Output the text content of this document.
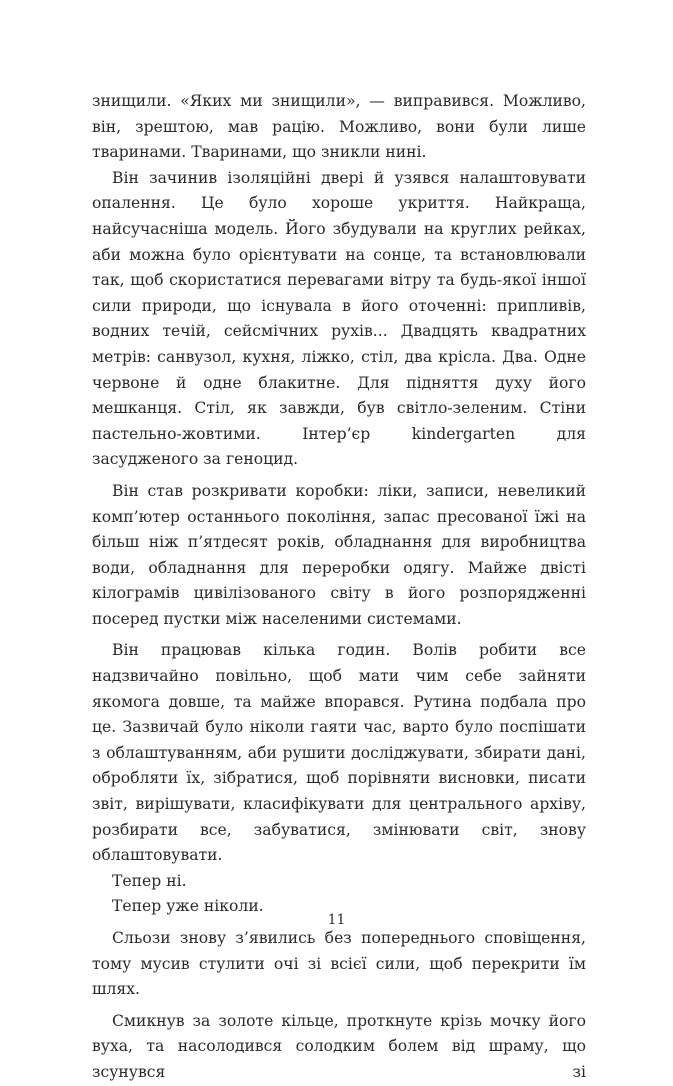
знищили. «Яких ми знищили», — виправився. Можливо, він, зрештою, мав рацію. Можливо, вони були лише тваринами. Тваринами, що зникли нині.

Він зачинив ізоляційні двері й узявся налаштовувати опалення. Це було хороше укриття. Найкраща, найсучасніша модель. Його збудували на круглих рейках, аби можна було орієнтувати на сонце, та встановлювали так, щоб скористатися перевагами вітру та будь-якої іншої сили природи, що існувала в його оточенні: припливів, водних течій, сейсмічних рухів... Двадцять квадратних метрів: санвузол, кухня, ліжко, стіл, два крісла. Два. Одне червоне й одне блакитне. Для підняття духу його мешканця. Стіл, як завжди, був світло-зеленим. Стіни пастельно-жовтими. Інтер’єр kindergarten для засудженого за геноцид.

Він став розкривати коробки: ліки, записи, невеликий комп’ютер останнього покоління, запас пресованої їжі на більш ніж п’ятдесят років, обладнання для виробництва води, обладнання для переробки одягу. Майже двісті кілограмів цивілізованого світу в його розпорядженні посеред пустки між населеними системами.

Він працював кілька годин. Волів робити все надзвичайно повільно, щоб мати чим себе зайняти якомога довше, та майже впорався. Рутина подбала про це. Зазвичай було ніколи гаяти час, варто було поспішати з облаштуванням, аби рушити досліджувати, збирати дані, обробляти їх, зібратися, щоб порівняти висновки, писати звіт, вирішувати, класифікувати для центрального архіву, розбирати все, забуватися, змінювати світ, знову облаштовувати.

Тепер ні.

Тепер уже ніколи.

Сльози знову з’явились без попереднього сповіщення, тому мусив стулити очі зі всієї сили, щоб перекрити їм шлях.

Смикнув за золоте кільце, проткнуте крізь мочку його вуха, та насолодився солодким болем від шраму, що зсунувся зі

11
